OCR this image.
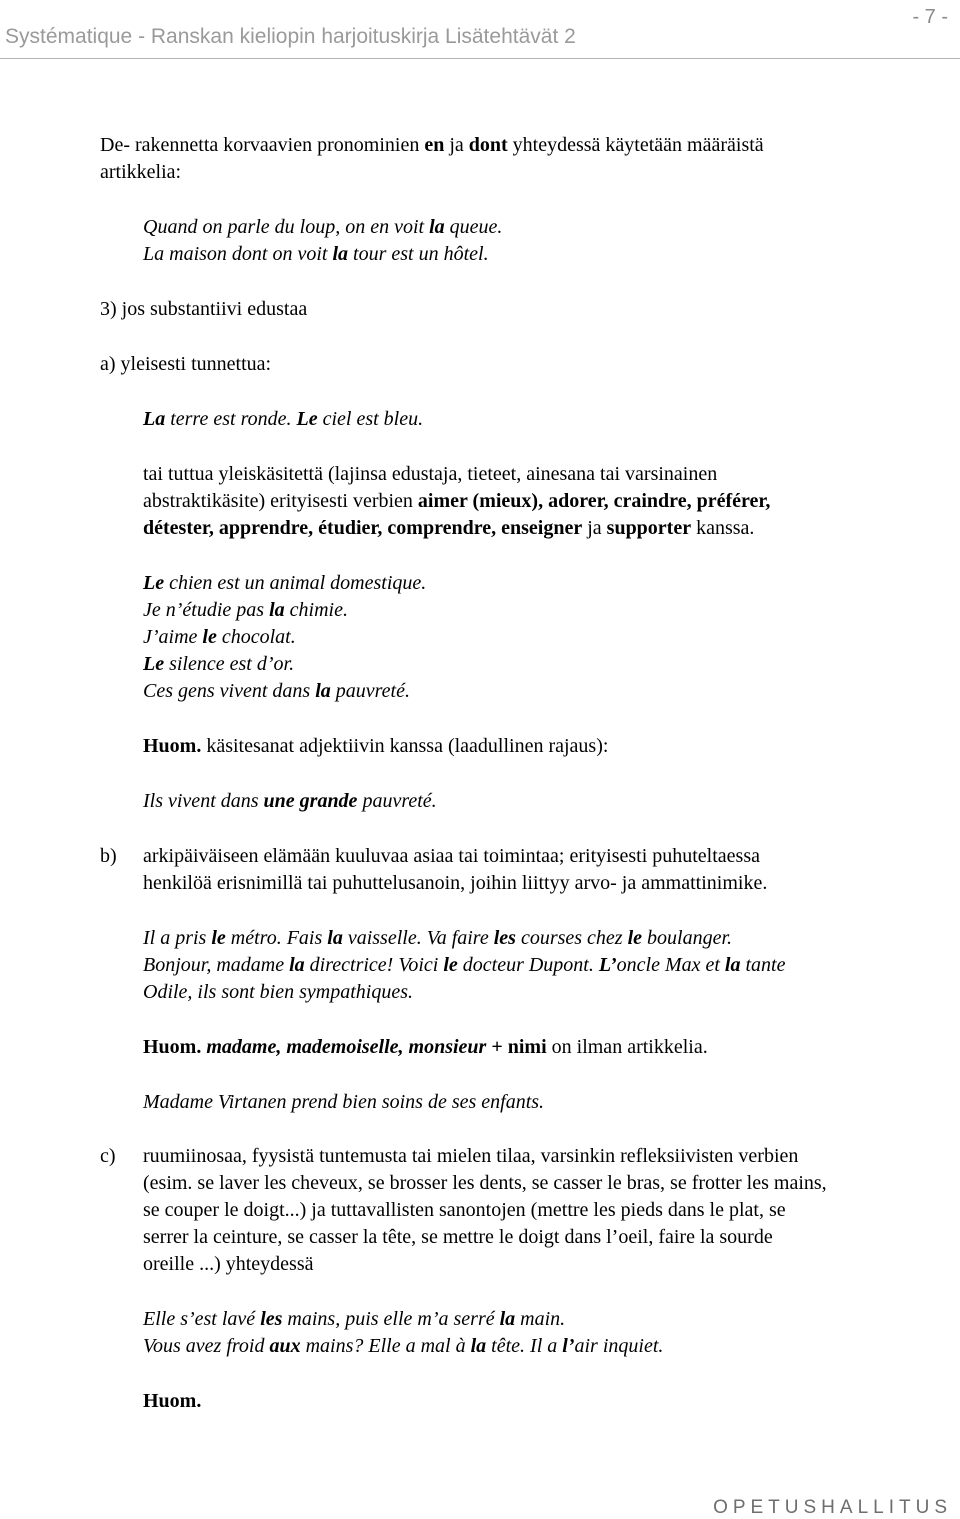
- 7 -
Systématique - Ranskan kieliopin harjoituskirja Lisätehtävät 2
De- rakennetta korvaavien pronominien en ja dont yhteydessä käytetään määräistä
artikkelia:
Quand on parle du loup, on en voit la queue.
La maison dont on voit la tour est un hôtel.
3) jos substantiivi edustaa
a) yleisesti tunnettua:
La terre est ronde. Le ciel est bleu.
tai tuttua yleiskäsitettä (lajinsa edustaja, tieteet, ainesana tai varsinainen
abstraktikäsite) erityisesti verbien aimer (mieux), adorer, craindre, préférer,
détester, apprendre, étudier, comprendre, enseigner ja supporter kanssa.
Le chien est un animal domestique.
Je n’étudie pas la chimie.
J’aime le chocolat.
Le silence est d’or.
Ces gens vivent dans la pauvreté.
Huom. käsitesanat adjektiivin kanssa (laadullinen rajaus):
Ils vivent dans une grande pauvreté.
b) arkipäiväiseen elämään kuuluvaa asiaa tai toimintaa; erityisesti puhuteltaessa
henkilöä erisnimillä tai puhuttelusanoin, joihin liittyy arvo- ja ammattinimike.
Il a pris le métro. Fais la vaisselle. Va faire les courses chez le boulanger.
Bonjour, madame la directrice! Voici le docteur Dupont. L’oncle Max et la tante
Odile, ils sont bien sympathiques.
Huom. madame, mademoiselle, monsieur + nimi on ilman artikkelia.
Madame Virtanen prend bien soins de ses enfants.
c) ruumiinosaa, fyysistä tuntemusta tai mielen tilaa, varsinkin refleksiivisten verbien
(esim. se laver les cheveux, se brosser les dents, se casser le bras, se frotter les mains,
se couper le doigt...) ja tuttavallisten sanontojen (mettre les pieds dans le plat, se
serrer la ceinture, se casser la tête, se mettre le doigt dans l’oeil, faire la sourde
oreille ...) yhteydessä
Elle s’est lavé les mains, puis elle m’a serré la main.
Vous avez froid aux mains? Elle a mal à la tête. Il a l’air inquiet.
Huom.
OPETUSHALLITUS
